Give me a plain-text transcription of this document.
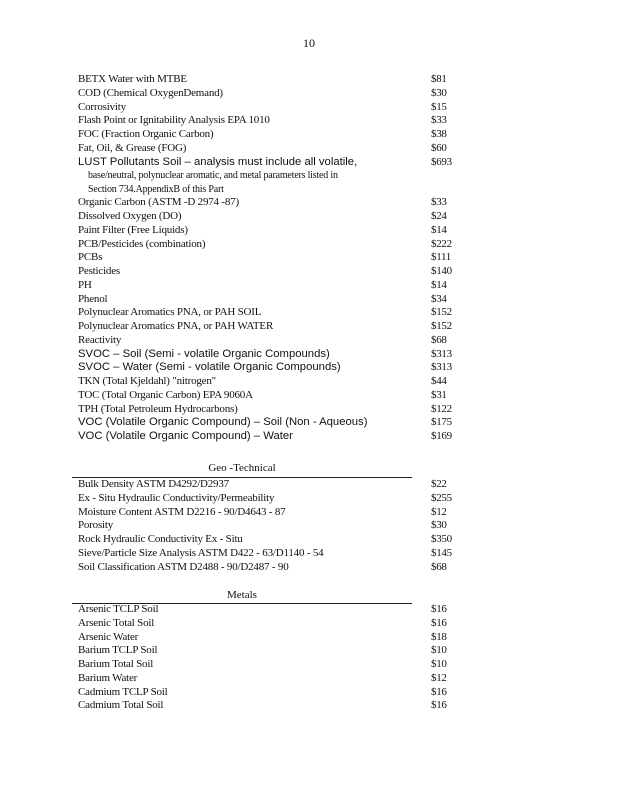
10
BETX Water with MTBE	$81
COD (Chemical OxygenDemand)	$30
Corrosivity	$15
Flash Point or Ignitability Analysis EPA 1010	$33
FOC (Fraction Organic Carbon)	$38
Fat, Oil, & Grease (FOG)	$60
LUST Pollutants Soil – analysis must include all volatile,	$693
base/neutral, polynuclear aromatic, and metal parameters listed in
Section 734.AppendixB of this Part
Organic Carbon (ASTM -D 2974 -87)	$33
Dissolved Oxygen (DO)	$24
Paint Filter (Free Liquids)	$14
PCB/Pesticides (combination)	$222
PCBs	$111
Pesticides	$140
PH	$14
Phenol	$34
Polynuclear Aromatics PNA, or PAH SOIL	$152
Polynuclear Aromatics PNA, or PAH WATER	$152
Reactivity	$68
SVOC – Soil (Semi - volatile Organic Compounds)	$313
SVOC – Water (Semi - volatile Organic Compounds)	$313
TKN (Total Kjeldahl) "nitrogen"	$44
TOC (Total Organic Carbon) EPA 9060A	$31
TPH (Total Petroleum Hydrocarbons)	$122
VOC (Volatile Organic Compound) – Soil (Non - Aqueous)	$175
VOC (Volatile Organic Compound) – Water	$169
Geo -Technical
Bulk Density ASTM D4292/D2937	$22
Ex - Situ Hydraulic Conductivity/Permeability	$255
Moisture Content ASTM D2216 - 90/D4643 - 87	$12
Porosity	$30
Rock Hydraulic Conductivity Ex - Situ	$350
Sieve/Particle Size Analysis ASTM D422 - 63/D1140 - 54	$145
Soil Classification ASTM D2488 - 90/D2487 - 90	$68
Metals
Arsenic TCLP Soil	$16
Arsenic Total Soil	$16
Arsenic Water	$18
Barium TCLP Soil	$10
Barium Total Soil	$10
Barium Water	$12
Cadmium TCLP Soil	$16
Cadmium Total Soil	$16
